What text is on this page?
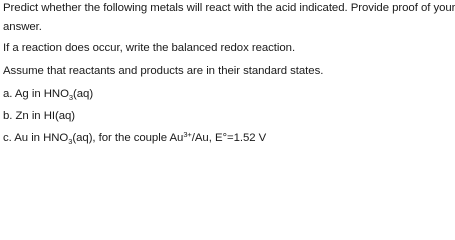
Predict whether the following metals will react with the acid indicated. Provide proof of your
answer.
If a reaction does occur, write the balanced redox reaction.
Assume that reactants and products are in their standard states.
a. Ag in $HNO_3(aq)$
b. Zn in HI(aq)
c. Au in $HNO_3(aq)$, for the couple $Au^{3+}/Au$, E°=1.52 V
